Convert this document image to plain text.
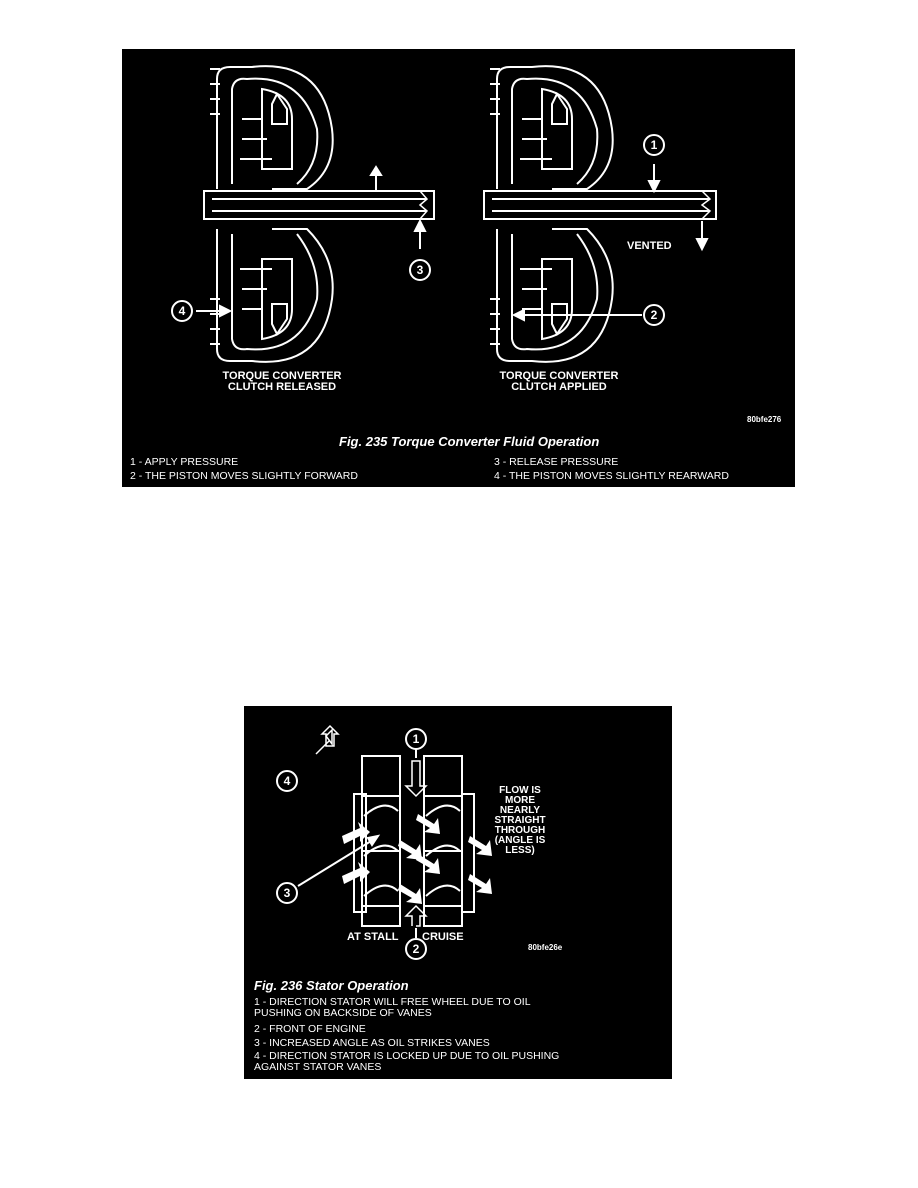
1
2
3
4
VENTED
TORQUE CONVERTER
CLUTCH RELEASED
TORQUE CONVERTER
CLUTCH APPLIED
80bfe276
Fig. 235 Torque Converter Fluid Operation
1 - APPLY PRESSURE
2 - THE PISTON MOVES SLIGHTLY FORWARD
3 - RELEASE PRESSURE
4 - THE PISTON MOVES SLIGHTLY REARWARD
1
2
3
4
FLOW IS
MORE
NEARLY
STRAIGHT
THROUGH
(ANGLE IS
LESS)
AT STALL CRUISE
80bfe26e
Fig. 236 Stator Operation
1 - DIRECTION STATOR WILL FREE WHEEL DUE TO OIL
PUSHING ON BACKSIDE OF VANES
2 - FRONT OF ENGINE
3 - INCREASED ANGLE AS OIL STRIKES VANES
4 - DIRECTION STATOR IS LOCKED UP DUE TO OIL PUSHING
AGAINST STATOR VANES
